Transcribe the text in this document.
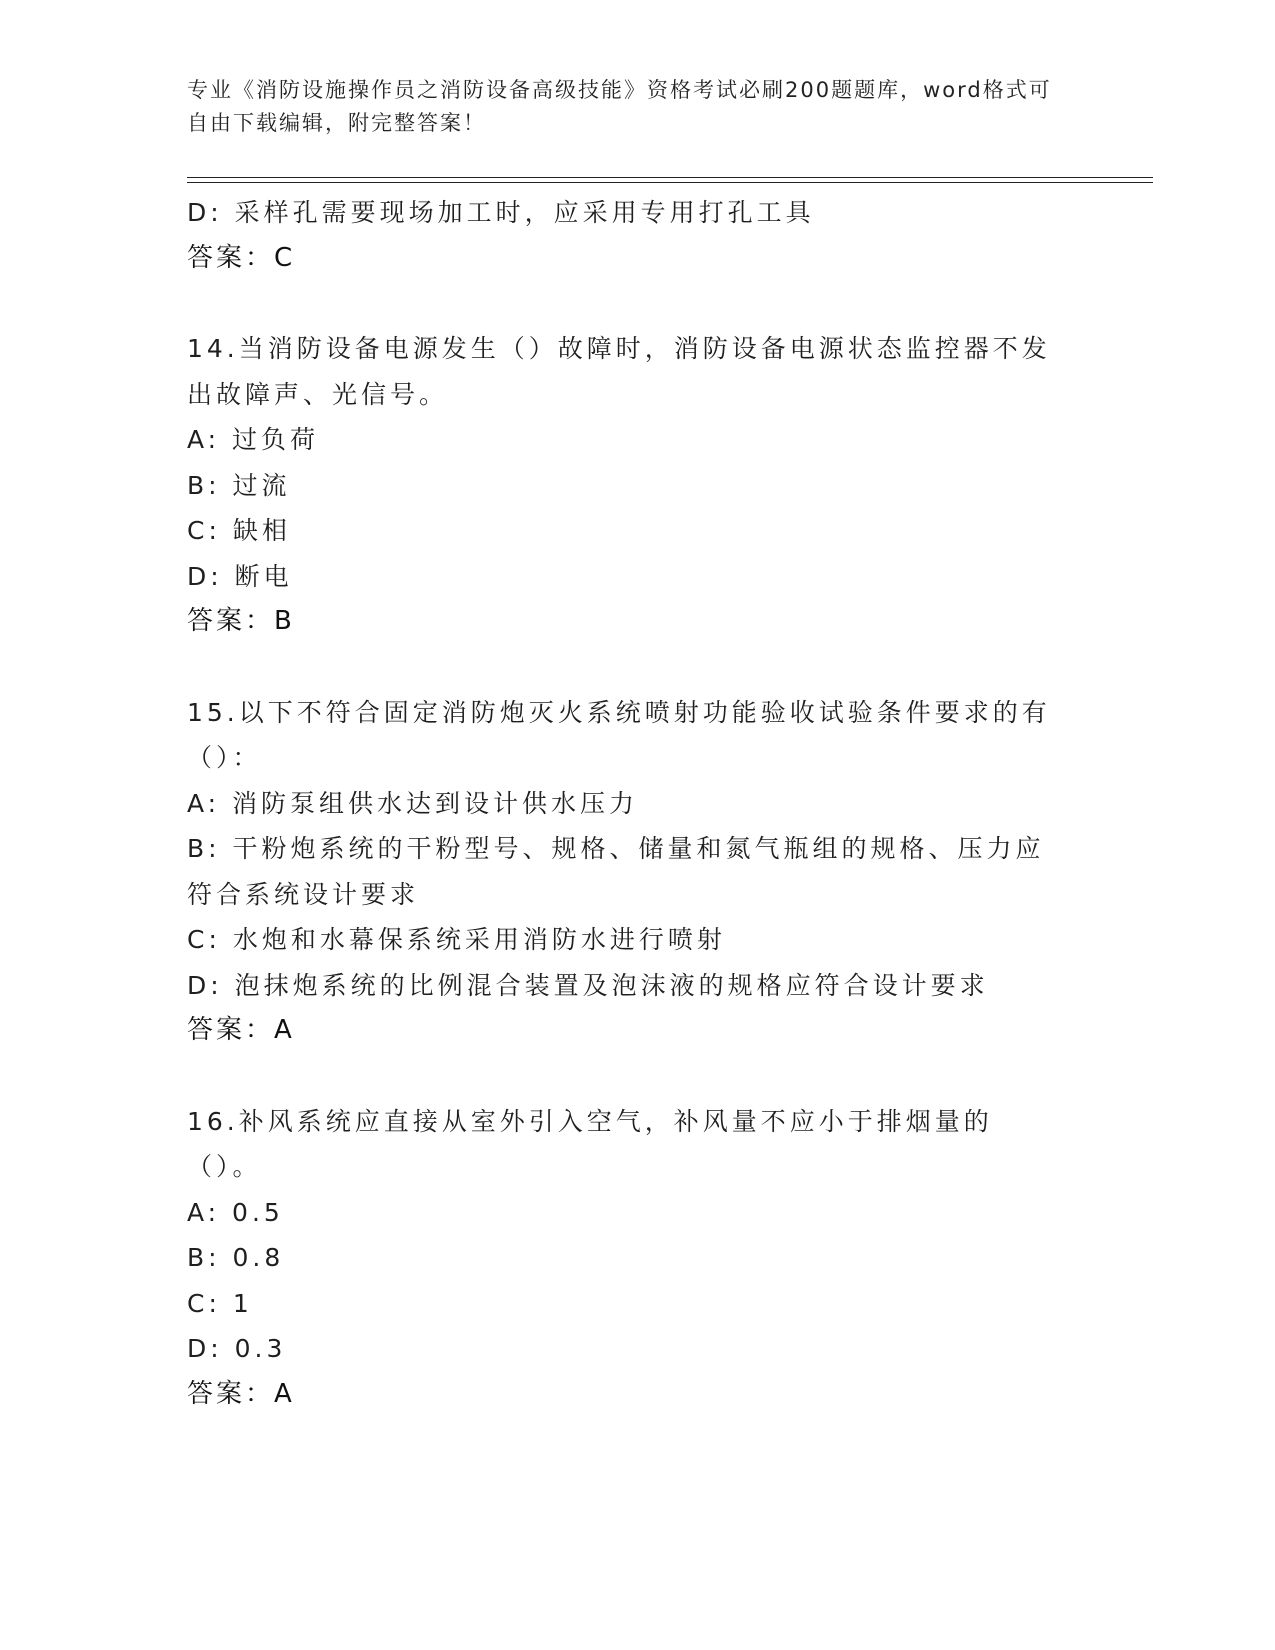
专业《消防设施操作员之消防设备高级技能》资格考试必刷200题题库，word格式可自由下载编辑，附完整答案！
D: 采样孔需要现场加工时，应采用专用打孔工具
答案：C
14.当消防设备电源发生（）故障时，消防设备电源状态监控器不发出故障声、光信号。
A: 过负荷
B: 过流
C: 缺相
D: 断电
答案：B
15.以下不符合固定消防炮灭火系统喷射功能验收试验条件要求的有（）：
A: 消防泵组供水达到设计供水压力
B: 干粉炮系统的干粉型号、规格、储量和氮气瓶组的规格、压力应符合系统设计要求
C: 水炮和水幕保系统采用消防水进行喷射
D: 泡抹炮系统的比例混合装置及泡沫液的规格应符合设计要求
答案：A
16.补风系统应直接从室外引入空气，补风量不应小于排烟量的（）。
A: 0.5
B: 0.8
C: 1
D: 0.3
答案：A
